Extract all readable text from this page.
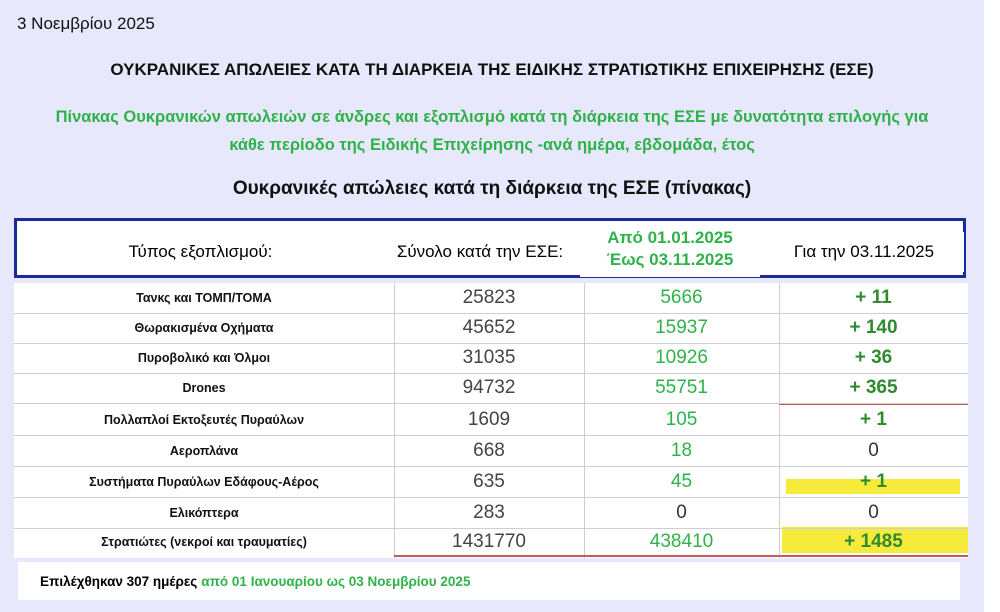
3 Νοεμβρίου 2025
ΟΥΚΡΑΝΙΚΕΣ ΑΠΩΛΕΙΕΣ ΚΑΤΑ ΤΗ ΔΙΑΡΚΕΙΑ ΤΗΣ ΕΙΔΙΚΗΣ ΣΤΡΑΤΙΩΤΙΚΗΣ ΕΠΙΧΕΙΡΗΣΗΣ (ΕΣΕ)
Πίνακας Ουκρανικών απωλειών σε άνδρες και εξοπλισμό κατά τη διάρκεια της ΕΣΕ με δυνατότητα επιλογής για
κάθε περίοδο της Ειδικής Επιχείρησης -ανά ημέρα, εβδομάδα, έτος
Ουκρανικές απώλειες κατά τη διάρκεια της ΕΣΕ (πίνακας)
Τύπος εξοπλισμού:	Σύνολο κατά την ΕΣΕ:
Από 01.01.2025
Έως 03.11.2025	Για την 03.11.2025
Τανκς και ΤΟΜΠ/ΤΟΜΑ	25823	5666	+ 11
Θωρακισμένα Οχήματα	45652	15937	+ 140
Πυροβολικό και Όλμοι	31035	10926	+ 36
Drones	94732	55751	+ 365
Πολλαπλοί Εκτοξευτές Πυραύλων	1609	105	+ 1
Αεροπλάνα	668	18	0
Συστήματα Πυραύλων Εδάφους-Αέρος	635	45	+ 1
Ελικόπτερα	283	0	0
Στρατιώτες (νεκροί και τραυματίες)	1431770	438410	+ 1485
Επιλέχθηκαν 307 ημέρες από 01 Ιανουαρίου ως 03 Νοεμβρίου 2025
